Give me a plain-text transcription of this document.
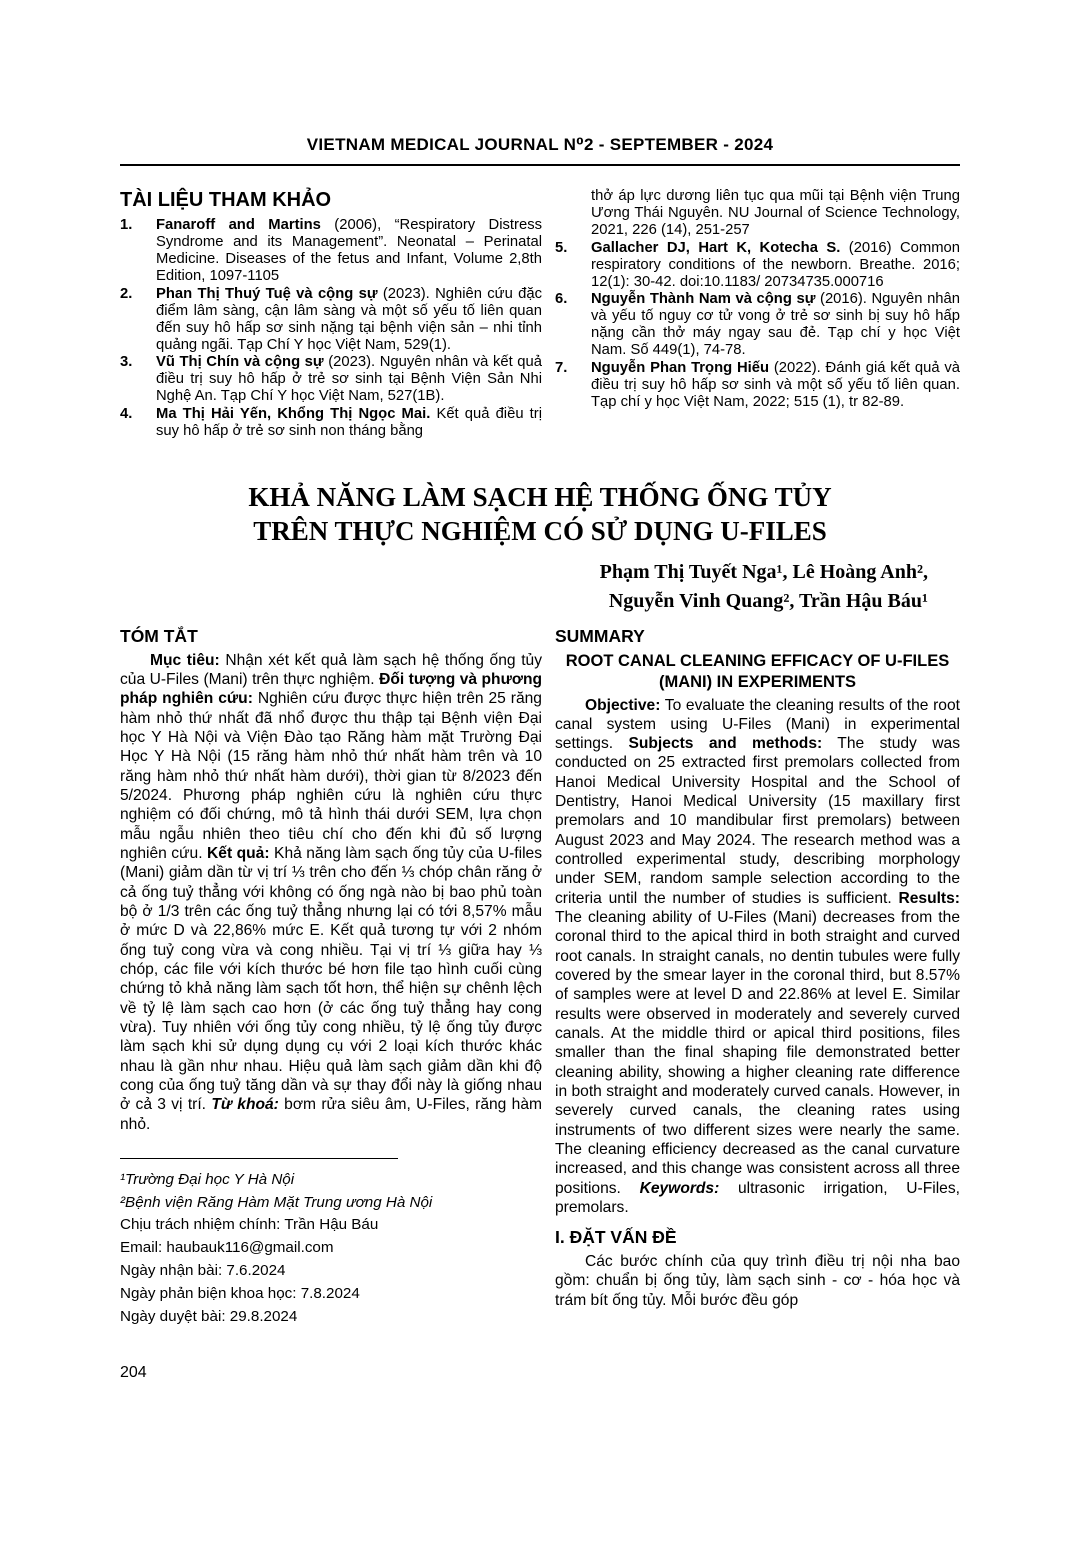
VIETNAM MEDICAL JOURNAL N⁰2 - SEPTEMBER - 2024
TÀI LIỆU THAM KHẢO
1.	Fanaroff and Martins (2006), “Respiratory Distress Syndrome and its Management”. Neonatal – Perinatal Medicine. Diseases of the fetus and Infant, Volume 2,8th Edition, 1097-1105
2.	Phan Thị Thuý Tuệ và cộng sự (2023). Nghiên cứu đặc điểm lâm sàng, cận lâm sàng và một số yếu tố liên quan đến suy hô hấp sơ sinh nặng tại bệnh viện sản – nhi tỉnh quảng ngãi. Tạp Chí Y học Việt Nam, 529(1).
3.	Vũ Thị Chín và cộng sự (2023). Nguyên nhân và kết quả điều trị suy hô hấp ở trẻ sơ sinh tại Bệnh Viện Sản Nhi Nghệ An. Tạp Chí Y học Việt Nam, 527(1B).
4.	Ma Thị Hải Yến, Khổng Thị Ngọc Mai. Kết quả điều trị suy hô hấp ở trẻ sơ sinh non tháng bằng
thở áp lực dương liên tục qua mũi tại Bệnh viện Trung Ương Thái Nguyên. NU Journal of Science Technology, 2021, 226 (14), 251-257
5.	Gallacher DJ, Hart K, Kotecha S. (2016) Common respiratory conditions of the newborn. Breathe. 2016; 12(1): 30-42. doi:10.1183/ 20734735.000716
6.	Nguyễn Thành Nam và cộng sự (2016). Nguyên nhân và yếu tố nguy cơ tử vong ở trẻ sơ sinh bị suy hô hấp nặng cần thở máy ngay sau đẻ. Tạp chí y học Việt Nam. Số 449(1), 74-78.
7.	Nguyễn Phan Trọng Hiếu (2022). Đánh giá kết quả và điều trị suy hô hấp sơ sinh và một số yếu tố liên quan. Tạp chí y học Việt Nam, 2022; 515 (1), tr 82-89.
KHẢ NĂNG LÀM SẠCH HỆ THỐNG ỐNG TỦY
TRÊN THỰC NGHIỆM CÓ SỬ DỤNG U-FILES
Phạm Thị Tuyết Nga¹, Lê Hoàng Anh²,
Nguyễn Vinh Quang², Trần Hậu Báu¹
TÓM TẮT

Mục tiêu: Nhận xét kết quả làm sạch hệ thống ống tủy của U-Files (Mani) trên thực nghiệm. Đối tượng và phương pháp nghiên cứu: Nghiên cứu được thực hiện trên 25 răng hàm nhỏ thứ nhất đã nhổ được thu thập tại Bệnh viện Đại học Y Hà Nội và Viện Đào tạo Răng hàm mặt Trường Đại Học Y Hà Nội (15 răng hàm nhỏ thứ nhất hàm trên và 10 răng hàm nhỏ thứ nhất hàm dưới), thời gian từ 8/2023 đến 5/2024. Phương pháp nghiên cứu là nghiên cứu thực nghiệm có đối chứng, mô tả hình thái dưới SEM, lựa chọn mẫu ngẫu nhiên theo tiêu chí cho đến khi đủ số lượng nghiên cứu. Kết quả: Khả năng làm sạch ống tủy của U-files (Mani) giảm dần từ vị trí ⅓ trên cho đến ⅓ chóp chân răng ở cả ống tuỷ thẳng với không có ống ngà nào bị bao phủ toàn bộ ở 1/3 trên các ống tuỷ thẳng nhưng lại có tới 8,57% mẫu ở mức D và 22,86% mức E. Kết quả tương tự với 2 nhóm ống tuỷ cong vừa và cong nhiều. Tại vị trí ⅓ giữa hay ⅓ chóp, các file với kích thước bé hơn file tạo hình cuối cùng chứng tỏ khả năng làm sạch tốt hơn, thể hiện sự chênh lệch về tỷ lệ làm sạch cao hơn (ở các ống tuỷ thẳng hay cong vừa). Tuy nhiên với ống tủy cong nhiều, tỷ lệ ống tủy được làm sạch khi sử dụng dụng cụ với 2 loại kích thước khác nhau là gần như nhau. Hiệu quả làm sạch giảm dần khi độ cong của ống tuỷ tăng dần và sự thay đổi này là giống nhau ở cả 3 vị trí. Từ khoá: bơm rửa siêu âm, U-Files, răng hàm nhỏ.

¹Trường Đại học Y Hà Nội
²Bệnh viện Răng Hàm Mặt Trung ương Hà Nội
Chịu trách nhiệm chính: Trần Hậu Báu
Email: haubauk116@gmail.com
Ngày nhận bài: 7.6.2024
Ngày phản biện khoa học: 7.8.2024
Ngày duyệt bài: 29.8.2024
SUMMARY
ROOT CANAL CLEANING EFFICACY OF U-FILES (MANI) IN EXPERIMENTS

Objective: To evaluate the cleaning results of the root canal system using U-Files (Mani) in experimental settings. Subjects and methods: The study was conducted on 25 extracted first premolars collected from Hanoi Medical University Hospital and the School of Dentistry, Hanoi Medical University (15 maxillary first premolars and 10 mandibular first premolars) between August 2023 and May 2024. The research method was a controlled experimental study, describing morphology under SEM, random sample selection according to the criteria until the number of studies is sufficient. Results: The cleaning ability of U-Files (Mani) decreases from the coronal third to the apical third in both straight and curved root canals. In straight canals, no dentin tubules were fully covered by the smear layer in the coronal third, but 8.57% of samples were at level D and 22.86% at level E. Similar results were observed in moderately and severely curved canals. At the middle third or apical third positions, files smaller than the final shaping file demonstrated better cleaning ability, showing a higher cleaning rate difference in both straight and moderately curved canals. However, in severely curved canals, the cleaning rates using instruments of two different sizes were nearly the same. The cleaning efficiency decreased as the canal curvature increased, and this change was consistent across all three positions. Keywords: ultrasonic irrigation, U-Files, premolars.

I. ĐẶT VẤN ĐỀ

Các bước chính của quy trình điều trị nội nha bao gồm: chuẩn bị ống tủy, làm sạch sinh - cơ - hóa học và trám bít ống tủy. Mỗi bước đều góp

204
